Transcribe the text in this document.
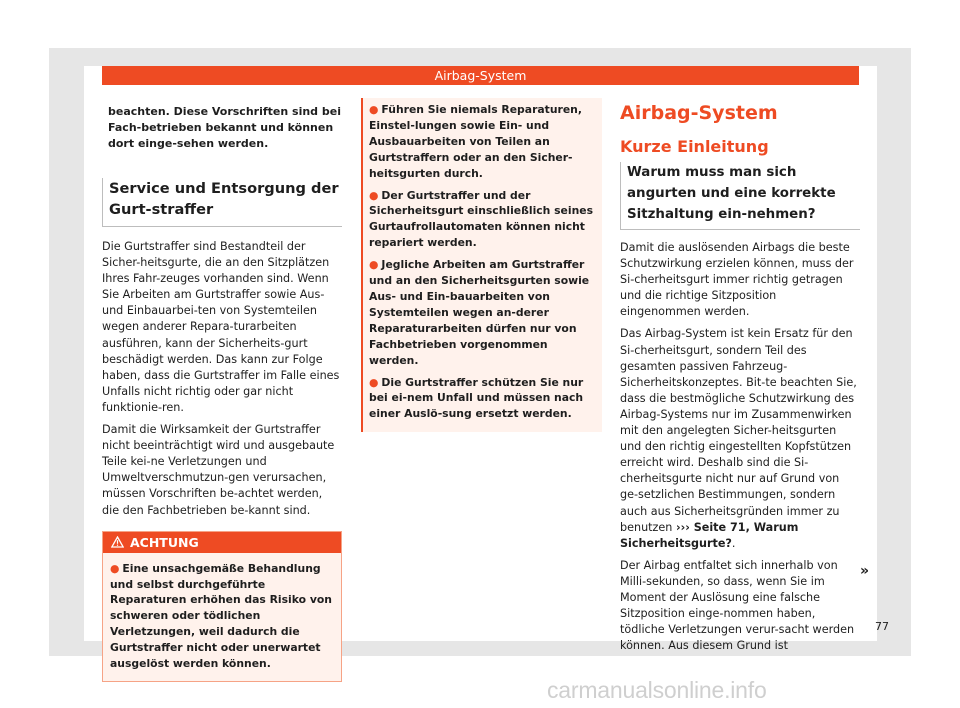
Airbag-System
beachten. Diese Vorschriften sind bei Fach-betrieben bekannt und können dort einge-sehen werden.
Service und Entsorgung der Gurt-straffer

Die Gurtstraffer sind Bestandteil der Sicher-heitsgurte, die an den Sitzplätzen Ihres Fahr-zeuges vorhanden sind. Wenn Sie Arbeiten am Gurtstraffer sowie Aus- und Einbauarbei-ten von Systemteilen wegen anderer Repara-turarbeiten ausführen, kann der Sicherheits-gurt beschädigt werden. Das kann zur Folge haben, dass die Gurtstraffer im Falle eines Unfalls nicht richtig oder gar nicht funktionie-ren.

Damit die Wirksamkeit der Gurtstraffer nicht beeinträchtigt wird und ausgebaute Teile kei-ne Verletzungen und Umweltverschmutzun-gen verursachen, müssen Vorschriften be-achtet werden, die den Fachbetrieben be-kannt sind.

ACHTUNG
● Eine unsachgemäße Behandlung und selbst durchgeführte Reparaturen erhöhen das Risiko von schweren oder tödlichen Verletzungen, weil dadurch die Gurtstraffer nicht oder unerwartet ausgelöst werden können.
● Führen Sie niemals Reparaturen, Einstel-lungen sowie Ein- und Ausbauarbeiten von Teilen an Gurtstraffern oder an den Sicher-heitsgurten durch.
● Der Gurtstraffer und der Sicherheitsgurt einschließlich seines Gurtaufrollautomaten können nicht repariert werden.
● Jegliche Arbeiten am Gurtstraffer und an den Sicherheitsgurten sowie Aus- und Ein-bauarbeiten von Systemteilen wegen an-derer Reparaturarbeiten dürfen nur von Fachbetrieben vorgenommen werden.
● Die Gurtstraffer schützen Sie nur bei ei-nem Unfall und müssen nach einer Auslö-sung ersetzt werden.
Airbag-System
Kurze Einleitung
Warum muss man sich angurten und eine korrekte Sitzhaltung ein-nehmen?

Damit die auslösenden Airbags die beste Schutzwirkung erzielen können, muss der Si-cherheitsgurt immer richtig getragen und die richtige Sitzposition eingenommen werden.

Das Airbag-System ist kein Ersatz für den Si-cherheitsgurt, sondern Teil des gesamten passiven Fahrzeug-Sicherheitskonzeptes. Bit-te beachten Sie, dass die bestmögliche Schutzwirkung des Airbag-Systems nur im Zusammenwirken mit den angelegten Sicher-heitsgurten und den richtig eingestellten Kopfstützen erreicht wird. Deshalb sind die Si-cherheitsgurte nicht nur auf Grund von ge-setzlichen Bestimmungen, sondern auch aus Sicherheitsgründen immer zu benutzen ››› Seite 71, Warum Sicherheitsgurte?.

Der Airbag entfaltet sich innerhalb von Milli-sekunden, so dass, wenn Sie im Moment der Auslösung eine falsche Sitzposition einge-nommen haben, tödliche Verletzungen verur-sacht werden können. Aus diesem Grund ist

»
77
carmanualsonline.info
